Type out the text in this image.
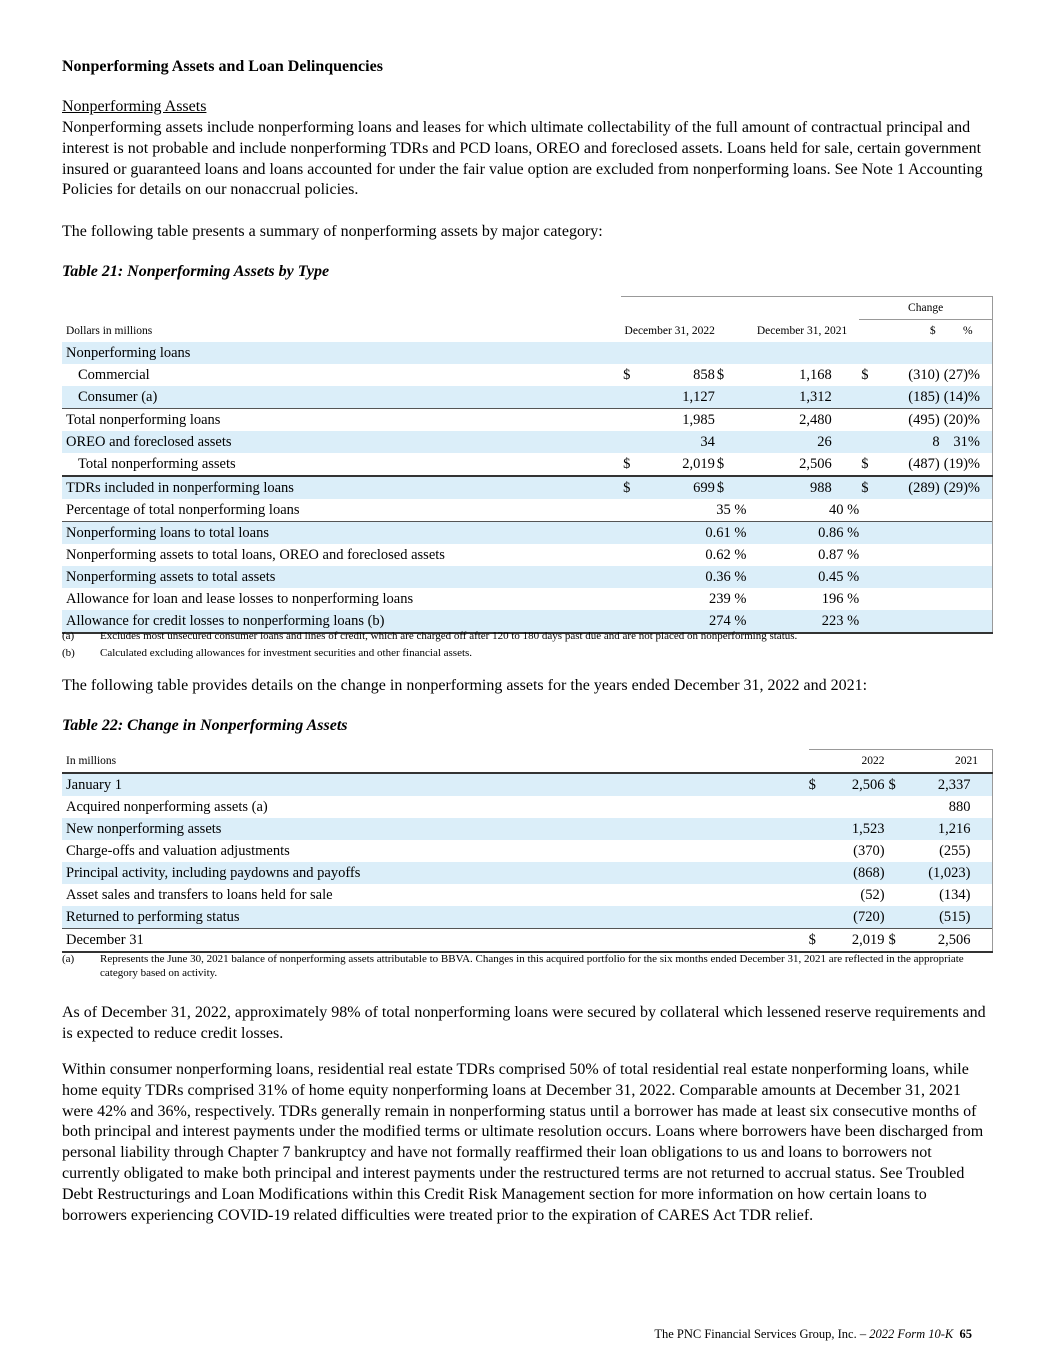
Nonperforming Assets and Loan Delinquencies
Nonperforming Assets

Nonperforming assets include nonperforming loans and leases for which ultimate collectability of the full amount of contractual principal and interest is not probable and include nonperforming TDRs and PCD loans, OREO and foreclosed assets. Loans held for sale, certain government insured or guaranteed loans and loans accounted for under the fair value option are excluded from nonperforming loans. See Note 1 Accounting Policies for details on our nonaccrual policies.

The following table presents a summary of nonperforming assets by major category:

Table 21: Nonperforming Assets by Type
						Change		
Dollars in millions	December 31, 2022		December 31, 2021			$		%
Nonperforming loans								
Commercial	$	858	$	1,168		$	(310)	(27)%
Consumer (a)		1,127		1,312			(185)	(14)%
Total nonperforming loans		1,985		2,480			(495)	(20)%
OREO and foreclosed assets		34		26			8	31%
Total nonperforming assets	$	2,019	$	2,506		$	(487)	(19)%
TDRs included in nonperforming loans	$	699	$	988		$	(289)	(29)%
Percentage of total nonperforming loans		35 %		40 %				
Nonperforming loans to total loans		0.61 %		0.86 %				
Nonperforming assets to total loans, OREO and foreclosed assets		0.62 %		0.87 %				
Nonperforming assets to total assets		0.36 %		0.45 %				
Allowance for loan and lease losses to nonperforming loans		239 %		196 %				
Allowance for credit losses to nonperforming loans (b)		274 %		223 %				
(a) Excludes most unsecured consumer loans and lines of credit, which are charged off after 120 to 180 days past due and are not placed on nonperforming status.
(b) Calculated excluding allowances for investment securities and other financial assets.

The following table provides details on the change in nonperforming assets for the years ended December 31, 2022 and 2021:

Table 22: Change in Nonperforming Assets
In millions	2022		2021		
January 1	$	2,506	$	2,337	
Acquired nonperforming assets (a)				880	
New nonperforming assets		1,523		1,216	
Charge-offs and valuation adjustments		(370)		(255)	
Principal activity, including paydowns and payoffs		(868)		(1,023)	
Asset sales and transfers to loans held for sale		(52)		(134)	
Returned to performing status		(720)		(515)	
December 31	$	2,019	$	2,506	
(a) Represents the June 30, 2021 balance of nonperforming assets attributable to BBVA. Changes in this acquired portfolio for the six months ended December 31, 2021 are reflected in the appropriate category based on activity.

As of December 31, 2022, approximately 98% of total nonperforming loans were secured by collateral which lessened reserve requirements and is expected to reduce credit losses.

Within consumer nonperforming loans, residential real estate TDRs comprised 50% of total residential real estate nonperforming loans, while home equity TDRs comprised 31% of home equity nonperforming loans at December 31, 2022. Comparable amounts at December 31, 2021 were 42% and 36%, respectively. TDRs generally remain in nonperforming status until a borrower has made at least six consecutive months of both principal and interest payments under the modified terms or ultimate resolution occurs. Loans where borrowers have been discharged from personal liability through Chapter 7 bankruptcy and have not formally reaffirmed their loan obligations to us and loans to borrowers not currently obligated to make both principal and interest payments under the restructured terms are not returned to accrual status. See Troubled Debt Restructurings and Loan Modifications within this Credit Risk Management section for more information on how certain loans to borrowers experiencing COVID-19 related difficulties were treated prior to the expiration of CARES Act TDR relief.

The PNC Financial Services Group, Inc. – 2022 Form 10-K 65
